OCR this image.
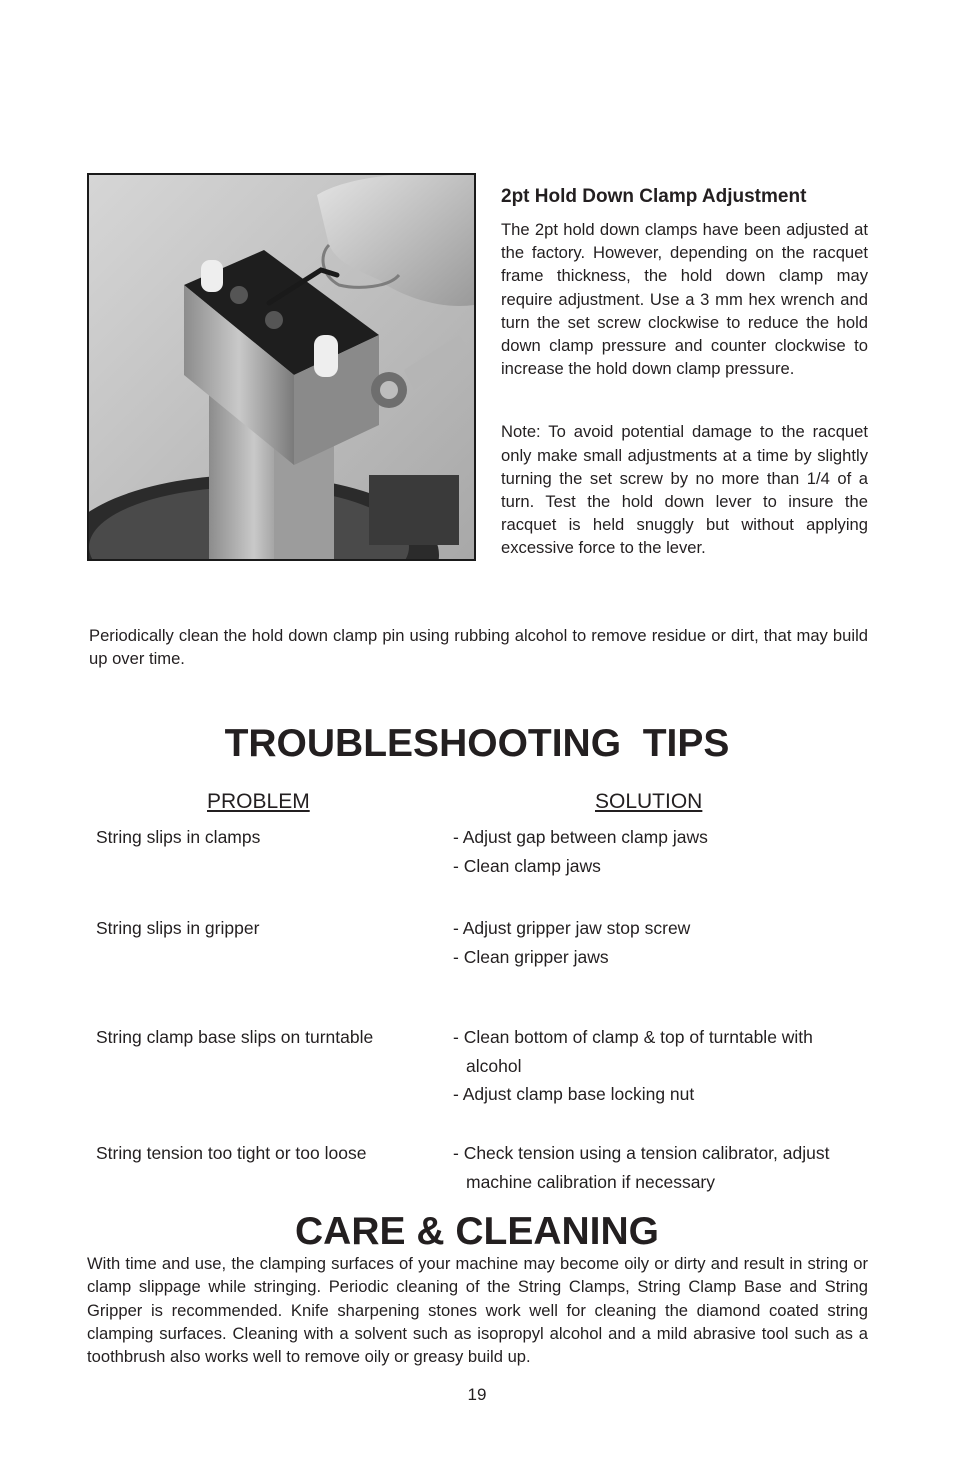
2pt Hold Down Clamp Adjustment

The 2pt hold down clamps have been adjusted at the factory. However, depending on the racquet frame thickness, the hold down clamp may require adjustment. Use a 3 mm hex wrench and turn the set screw clockwise to reduce the hold down clamp pressure and counter clockwise to increase the hold down clamp pressure.

Note: To avoid potential damage to the racquet only make small adjustments at a time by slightly turning the set screw by no more than 1/4 of a turn. Test the hold down lever to insure the racquet is held snuggly but without applying excessive force to the lever.

Periodically clean the hold down clamp pin using rubbing alcohol to remove residue or dirt, that may build up over time.

TROUBLESHOOTING  TIPS
PROBLEM	SOLUTION
String slips in clamps	- Adjust gap between clamp jaws
- Clean clamp jaws
String slips in gripper	- Adjust gripper jaw stop screw
- Clean gripper jaws
String clamp base slips on turntable	- Clean bottom of clamp & top of turntable with alcohol
- Adjust clamp base locking nut
String tension too tight or too loose	- Check tension using a tension calibrator, adjust machine calibration if necessary
CARE & CLEANING

With time and use, the clamping surfaces of your machine may become oily or dirty and result in string or clamp slippage while stringing. Periodic cleaning of the String Clamps, String Clamp Base and String Gripper is recommended. Knife sharpening stones work well for cleaning the diamond coated string clamping surfaces. Cleaning with a solvent such as isopropyl alcohol and a mild abrasive tool such as a toothbrush also works well to remove oily or greasy build up.

19
